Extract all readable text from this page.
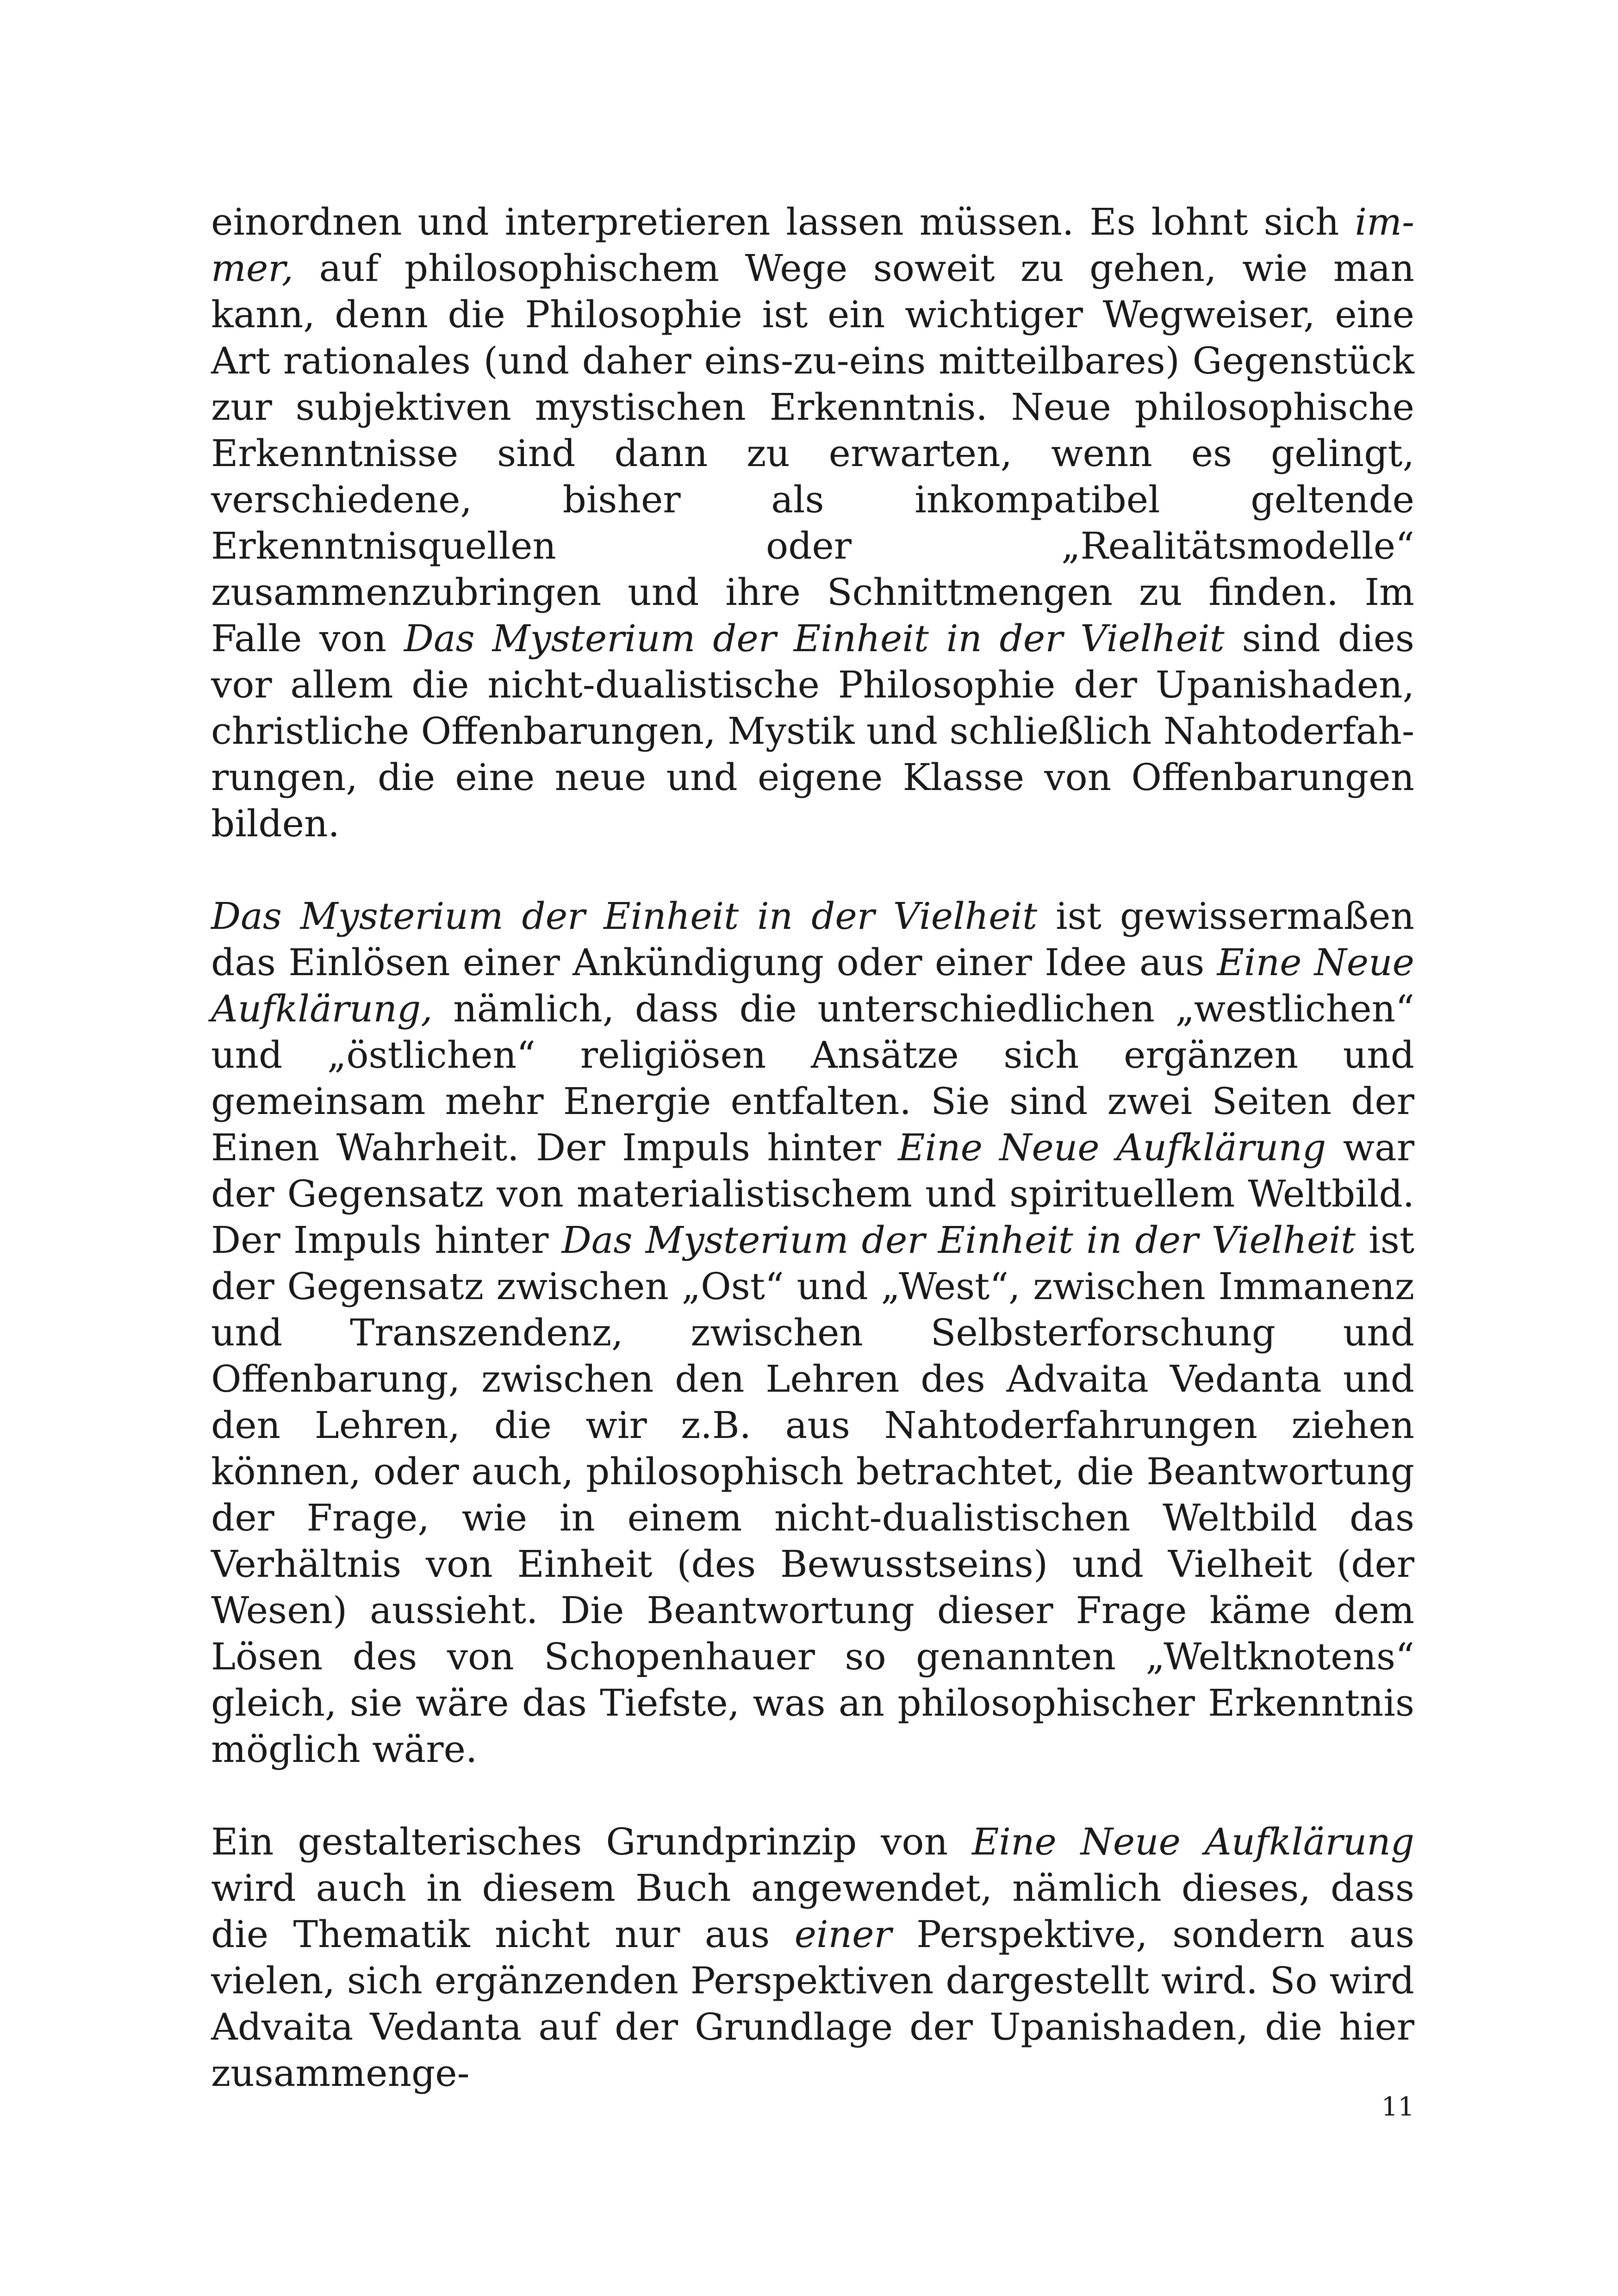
einordnen und interpretieren lassen müssen. Es lohnt sich immer, auf philosophischem Wege soweit zu gehen, wie man kann, denn die Philosophie ist ein wichtiger Wegweiser, eine Art rationales (und daher eins-zu-eins mitteilbares) Gegenstück zur subjektiven mystischen Erkenntnis. Neue philosophische Erkenntnisse sind dann zu erwarten, wenn es gelingt, verschiedene, bisher als inkompatibel geltende Erkenntnisquellen oder „Realitätsmodelle“ zusammenzubringen und ihre Schnittmengen zu finden. Im Falle von Das Mysterium der Einheit in der Vielheit sind dies vor allem die nicht-dualistische Philosophie der Upanishaden, christliche Offenbarungen, Mystik und schließlich Nahtoderfahrungen, die eine neue und eigene Klasse von Offenbarungen bilden.

Das Mysterium der Einheit in der Vielheit ist gewissermaßen das Einlösen einer Ankündigung oder einer Idee aus Eine Neue Aufklärung, nämlich, dass die unterschiedlichen „westlichen“ und „östlichen“ religiösen Ansätze sich ergänzen und gemeinsam mehr Energie entfalten. Sie sind zwei Seiten der Einen Wahrheit. Der Impuls hinter Eine Neue Aufklärung war der Gegensatz von materialistischem und spirituellem Weltbild. Der Impuls hinter Das Mysterium der Einheit in der Vielheit ist der Gegensatz zwischen „Ost“ und „West“, zwischen Immanenz und Transzendenz, zwischen Selbsterforschung und Offenbarung, zwischen den Lehren des Advaita Vedanta und den Lehren, die wir z.B. aus Nahtoderfahrungen ziehen können, oder auch, philosophisch betrachtet, die Beantwortung der Frage, wie in einem nicht-dualistischen Weltbild das Verhältnis von Einheit (des Bewusstseins) und Vielheit (der Wesen) aussieht. Die Beantwortung dieser Frage käme dem Lösen des von Schopenhauer so genannten „Weltknotens“ gleich, sie wäre das Tiefste, was an philosophischer Erkenntnis möglich wäre.

Ein gestalterisches Grundprinzip von Eine Neue Aufklärung wird auch in diesem Buch angewendet, nämlich dieses, dass die Thematik nicht nur aus einer Perspektive, sondern aus vielen, sich ergänzenden Perspektiven dargestellt wird. So wird Advaita Vedanta auf der Grundlage der Upanishaden, die hier zusammenge-

11
